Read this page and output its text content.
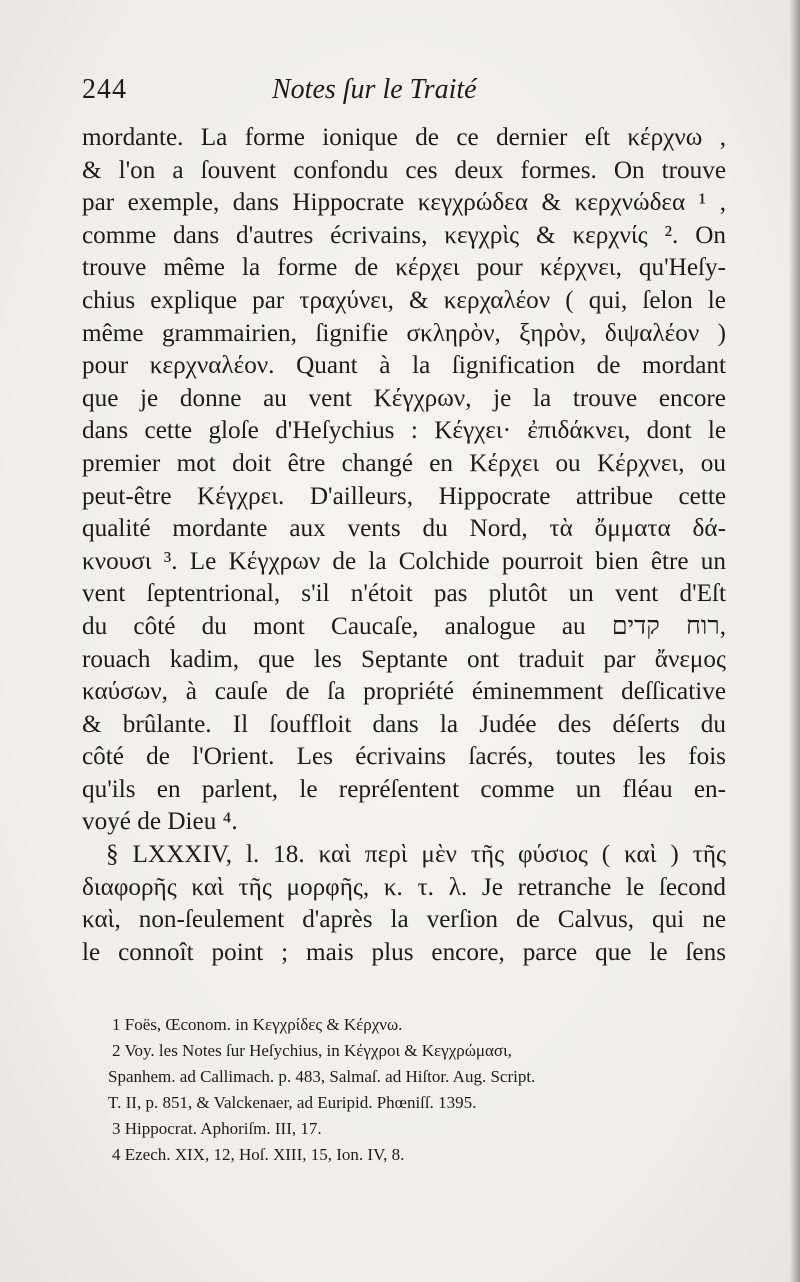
244	Notes ſur le Traité
mordante. La forme ionique de ce dernier eſt κέρχνω ,
& l'on a ſouvent confondu ces deux formes. On trouve
par exemple, dans Hippocrate κεγχρώδεα & κερχνώδεα ¹ ,
comme dans d'autres écrivains, κεγχρὶς & κερχνίς ². On
trouve même la forme de κέρχει pour κέρχνει, qu'Heſy-
chius explique par τραχύνει, & κερχαλέον ( qui, ſelon le
même grammairien, ſignifie σκληρὸν, ξηρὸν, διψαλέον )
pour κερχναλέον. Quant à la ſignification de mordant
que je donne au vent Κέγχρων, je la trouve encore
dans cette gloſe d'Heſychius : Κέγχει· ἐπιδάκνει, dont le
premier mot doit être changé en Κέρχει ou Κέρχνει, ou
peut-être Κέγχρει. D'ailleurs, Hippocrate attribue cette
qualité mordante aux vents du Nord, τὰ ὄμματα δά-
κνουσι ³. Le Κέγχρων de la Colchide pourroit bien être un
vent ſeptentrional, s'il n'étoit pas plutôt un vent d'Eſt
du côté du mont Caucaſe, analogue au רוח קדים,
rouach kadim, que les Septante ont traduit par ἄνεμος
καύσων, à cauſe de ſa propriété éminemment deſſicative
& brûlante. Il ſouffloit dans la Judée des déſerts du
côté de l'Orient. Les écrivains ſacrés, toutes les fois
qu'ils en parlent, le repréſentent comme un fléau en-
voyé de Dieu ⁴.
§ LXXXIV, l. 18. καὶ περὶ μὲν τῆς φύσιος ( καὶ ) τῆς
διαφορῆς καὶ τῆς μορφῆς, κ. τ. λ. Je retranche le ſecond
καὶ, non-ſeulement d'après la verſion de Calvus, qui ne
le connoît point ; mais plus encore, parce que le ſens
1 Foës, Œconom. in Κεγχρίδες & Κέρχνω.
2 Voy. les Notes ſur Heſychius, in Κέγχροι & Κεγχρώμασι,
Spanhem. ad Callimach. p. 483, Salmaſ. ad Hiſtor. Aug. Script.
T. II, p. 851, & Valckenaer, ad Euripid. Phœniſſ. 1395.
3 Hippocrat. Aphoriſm. III, 17.
4 Ezech. XIX, 12, Hoſ. XIII, 15, Ion. IV, 8.
